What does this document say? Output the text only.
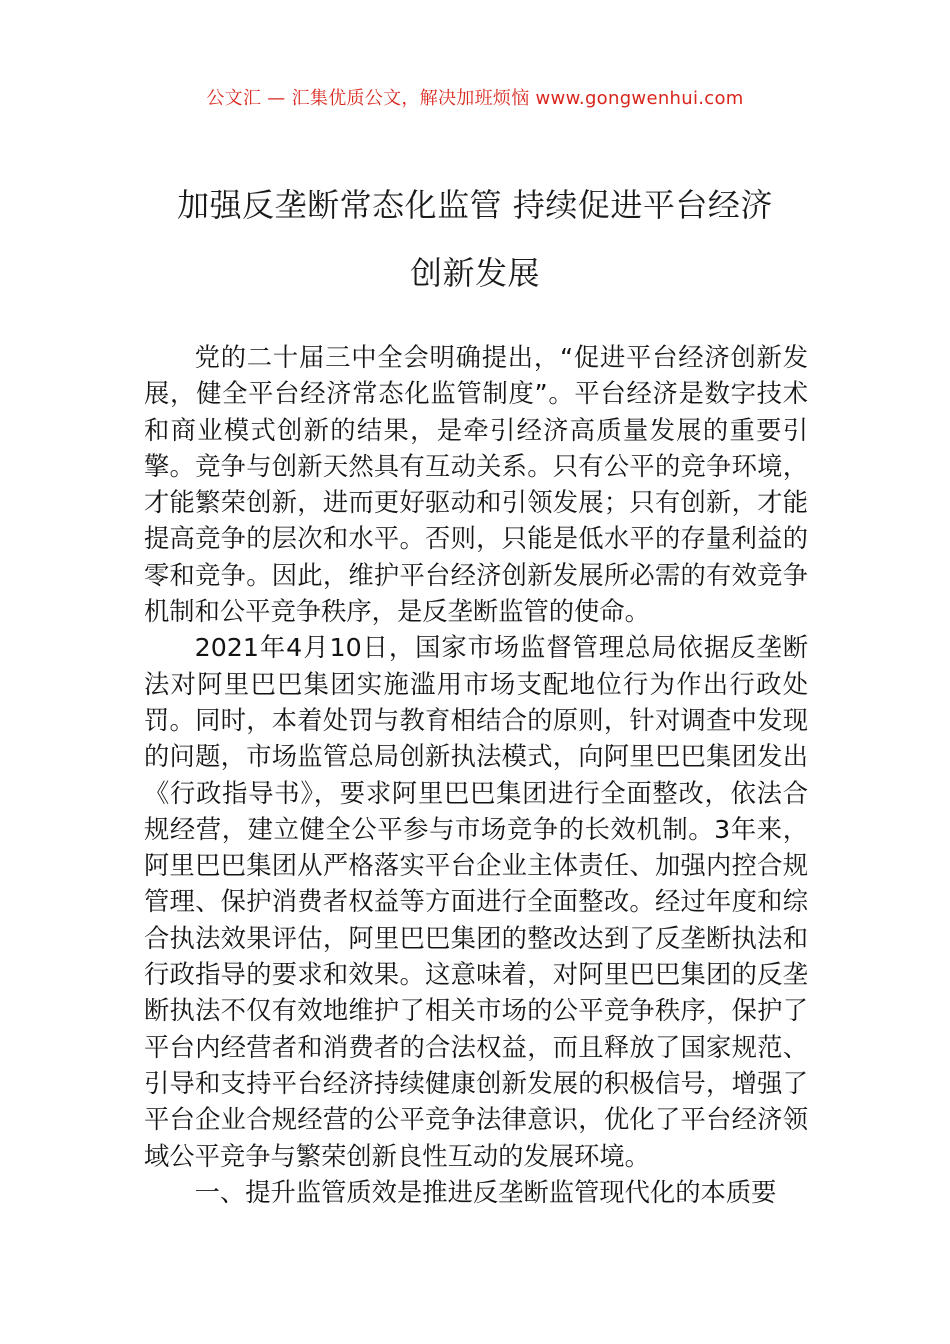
公文汇 — 汇集优质公文，解决加班烦恼 www.gongwenhui.com
加强反垄断常态化监管 持续促进平台经济
创新发展

党的二十届三中全会明确提出，“促进平台经济创新发展，健全平台经济常态化监管制度”。平台经济是数字技术和商业模式创新的结果，是牵引经济高质量发展的重要引擎。竞争与创新天然具有互动关系。只有公平的竞争环境，才能繁荣创新，进而更好驱动和引领发展；只有创新，才能提高竞争的层次和水平。否则，只能是低水平的存量利益的零和竞争。因此，维护平台经济创新发展所必需的有效竞争机制和公平竞争秩序，是反垄断监管的使命。

2021年4月10日，国家市场监督管理总局依据反垄断法对阿里巴巴集团实施滥用市场支配地位行为作出行政处罚。同时，本着处罚与教育相结合的原则，针对调查中发现的问题，市场监管总局创新执法模式，向阿里巴巴集团发出《行政指导书》，要求阿里巴巴集团进行全面整改，依法合规经营，建立健全公平参与市场竞争的长效机制。3年来，阿里巴巴集团从严格落实平台企业主体责任、加强内控合规管理、保护消费者权益等方面进行全面整改。经过年度和综合执法效果评估，阿里巴巴集团的整改达到了反垄断执法和行政指导的要求和效果。这意味着，对阿里巴巴集团的反垄断执法不仅有效地维护了相关市场的公平竞争秩序，保护了平台内经营者和消费者的合法权益，而且释放了国家规范、引导和支持平台经济持续健康创新发展的积极信号，增强了平台企业合规经营的公平竞争法律意识，优化了平台经济领域公平竞争与繁荣创新良性互动的发展环境。

一、提升监管质效是推进反垄断监管现代化的本质要
